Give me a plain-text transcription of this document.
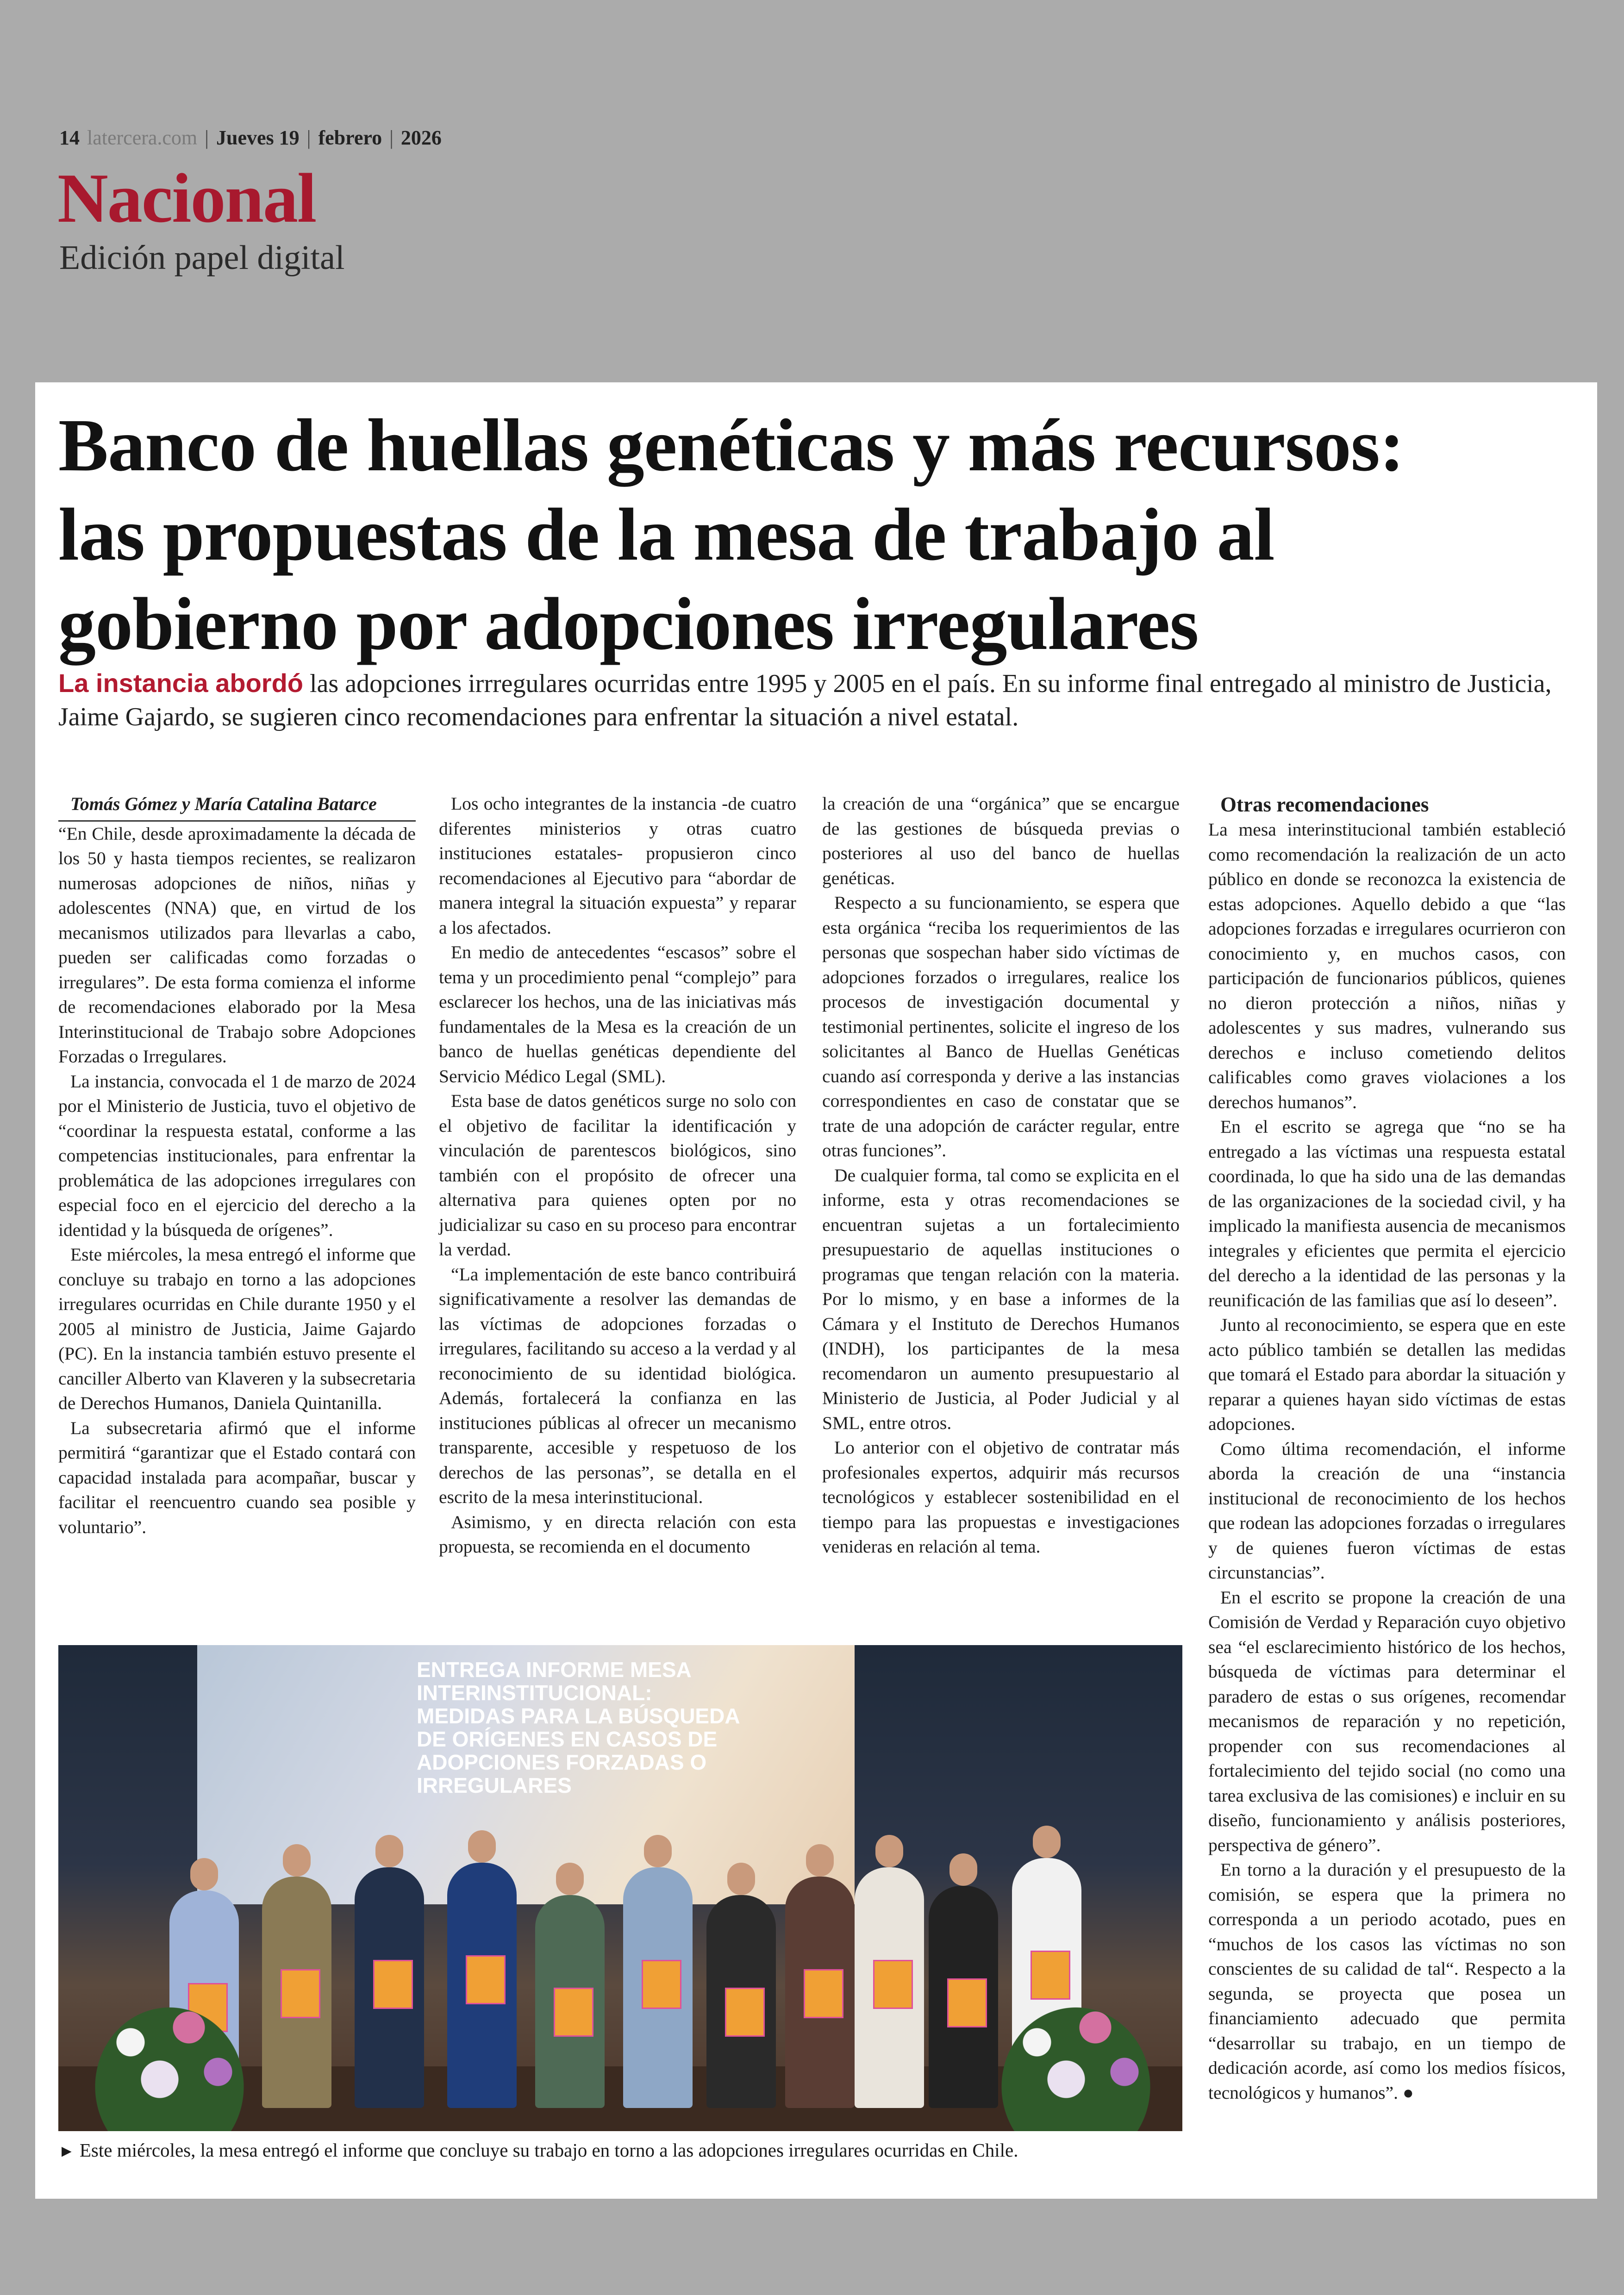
14 latercera.com | Jueves 19 | febrero | 2026
Nacional
Edición papel digital
Banco de huellas genéticas y más recursos:
las propuestas de la mesa de trabajo al
gobierno por adopciones irregulares
La instancia abordó las adopciones irrregulares ocurridas entre 1995 y 2005 en el país. En su informe final entregado al ministro de Justicia, Jaime Gajardo, se sugieren cinco recomendaciones para enfrentar la situación a nivel estatal.

Tomás Gómez y María Catalina Batarce

“En Chile, desde aproximadamente la década de los 50 y hasta tiempos recientes, se realizaron numerosas adopciones de niños, niñas y adolescentes (NNA) que, en virtud de los mecanismos utilizados para llevarlas a cabo, pueden ser calificadas como forzadas o irregulares”. De esta forma comienza el informe de recomendaciones elaborado por la Mesa Interinstitucional de Trabajo sobre Adopciones Forzadas o Irregulares.

La instancia, convocada el 1 de marzo de 2024 por el Ministerio de Justicia, tuvo el objetivo de “coordinar la respuesta estatal, conforme a las competencias institucionales, para enfrentar la problemática de las adopciones irregulares con especial foco en el ejercicio del derecho a la identidad y la búsqueda de orígenes”.

Este miércoles, la mesa entregó el informe que concluye su trabajo en torno a las adopciones irregulares ocurridas en Chile durante 1950 y el 2005 al ministro de Justicia, Jaime Gajardo (PC). En la instancia también estuvo presente el canciller Alberto van Klaveren y la subsecretaria de Derechos Humanos, Daniela Quintanilla.

La subsecretaria afirmó que el informe permitirá “garantizar que el Estado contará con capacidad instalada para acompañar, buscar y facilitar el reencuentro cuando sea posible y voluntario”.

Los ocho integrantes de la instancia -de cuatro diferentes ministerios y otras cuatro instituciones estatales- propusieron cinco recomendaciones al Ejecutivo para “abordar de manera integral la situación expuesta” y reparar a los afectados.

En medio de antecedentes “escasos” sobre el tema y un procedimiento penal “complejo” para esclarecer los hechos, una de las iniciativas más fundamentales de la Mesa es la creación de un banco de huellas genéticas dependiente del Servicio Médico Legal (SML).

Esta base de datos genéticos surge no solo con el objetivo de facilitar la identificación y vinculación de parentescos biológicos, sino también con el propósito de ofrecer una alternativa para quienes opten por no judicializar su caso en su proceso para encontrar la verdad.

“La implementación de este banco contribuirá significativamente a resolver las demandas de las víctimas de adopciones forzadas o irregulares, facilitando su acceso a la verdad y al reconocimiento de su identidad biológica. Además, fortalecerá la confianza en las instituciones públicas al ofrecer un mecanismo transparente, accesible y respetuoso de los derechos de las personas”, se detalla en el escrito de la mesa interinstitucional.

Asimismo, y en directa relación con esta propuesta, se recomienda en el documento

la creación de una “orgánica” que se encargue de las gestiones de búsqueda previas o posteriores al uso del banco de huellas genéticas.

Respecto a su funcionamiento, se espera que esta orgánica “reciba los requerimientos de las personas que sospechan haber sido víctimas de adopciones forzados o irregulares, realice los procesos de investigación documental y testimonial pertinentes, solicite el ingreso de los solicitantes al Banco de Huellas Genéticas cuando así corresponda y derive a las instancias correspondientes en caso de constatar que se trate de una adopción de carácter regular, entre otras funciones”.

De cualquier forma, tal como se explicita en el informe, esta y otras recomendaciones se encuentran sujetas a un fortalecimiento presupuestario de aquellas instituciones o programas que tengan relación con la materia. Por lo mismo, y en base a informes de la Cámara y el Instituto de Derechos Humanos (INDH), los participantes de la mesa recomendaron un aumento presupuestario al Ministerio de Justicia, al Poder Judicial y al SML, entre otros.

Lo anterior con el objetivo de contratar más profesionales expertos, adquirir más recursos tecnológicos y establecer sostenibilidad en el tiempo para las propuestas e investigaciones venideras en relación al tema.

Otras recomendaciones

La mesa interinstitucional también estableció como recomendación la realización de un acto público en donde se reconozca la existencia de estas adopciones. Aquello debido a que “las adopciones forzadas e irregulares ocurrieron con conocimiento y, en muchos casos, con participación de funcionarios públicos, quienes no dieron protección a niños, niñas y adolescentes y sus madres, vulnerando sus derechos e incluso cometiendo delitos calificables como graves violaciones a los derechos humanos”.

En el escrito se agrega que “no se ha entregado a las víctimas una respuesta estatal coordinada, lo que ha sido una de las demandas de las organizaciones de la sociedad civil, y ha implicado la manifiesta ausencia de mecanismos integrales y eficientes que permita el ejercicio del derecho a la identidad de las personas y la reunificación de las familias que así lo deseen”.

Junto al reconocimiento, se espera que en este acto público también se detallen las medidas que tomará el Estado para abordar la situación y reparar a quienes hayan sido víctimas de estas adopciones.

Como última recomendación, el informe aborda la creación de una “instancia institucional de reconocimiento de los hechos que rodean las adopciones forzadas o irregulares y de quienes fueron víctimas de estas circunstancias”.

En el escrito se propone la creación de una Comisión de Verdad y Reparación cuyo objetivo sea “el esclarecimiento histórico de los hechos, búsqueda de víctimas para determinar el paradero de estas o sus orígenes, recomendar mecanismos de reparación y no repetición, propender con sus recomendaciones al fortalecimiento del tejido social (no como una tarea exclusiva de las comisiones) e incluir en su diseño, funcionamiento y análisis posteriores, perspectiva de género”.

En torno a la duración y el presupuesto de la comisión, se espera que la primera no corresponda a un periodo acotado, pues en “muchos de los casos las víctimas no son conscientes de su calidad de tal“. Respecto a la segunda, se proyecta que posea un financiamiento adecuado que permita “desarrollar su trabajo, en un tiempo de dedicación acorde, así como los medios físicos, tecnológicos y humanos”. ●

ENTREGA INFORME MESA INTERINSTITUCIONAL: MEDIDAS PARA LA BÚSQUEDA DE ORÍGENES EN CASOS DE ADOPCIONES FORZADAS O IRREGULARES
► Este miércoles, la mesa entregó el informe que concluye su trabajo en torno a las adopciones irregulares ocurridas en Chile.
